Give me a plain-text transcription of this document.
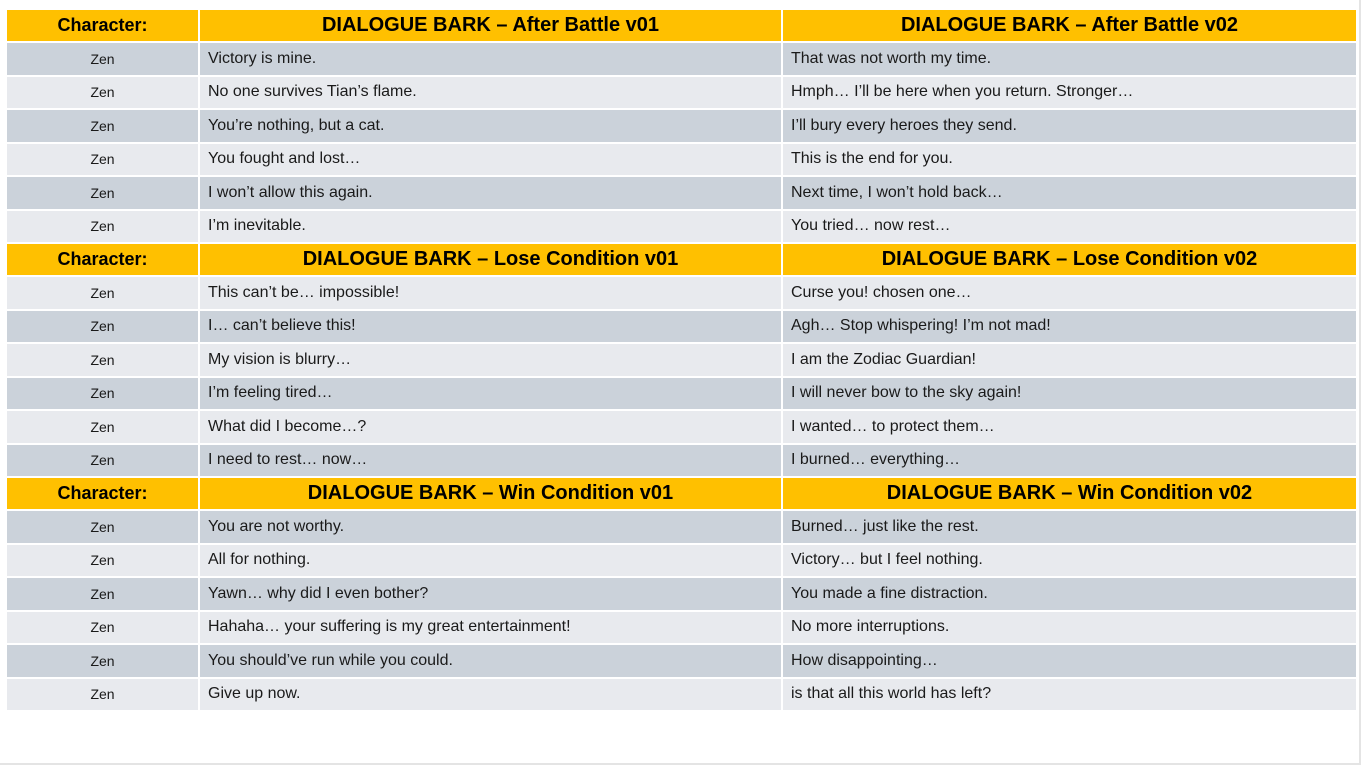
Character:	DIALOGUE BARK – After Battle v01	DIALOGUE BARK – After Battle v02
Zen	Victory is mine.	That was not worth my time.
Zen	No one survives Tian’s flame.	Hmph… I’ll be here when you return. Stronger…
Zen	You’re nothing, but a cat.	I’ll bury every heroes they send.
Zen	You fought and lost…	This is the end for you.
Zen	I won’t allow this again.	Next time, I won’t hold back…
Zen	I’m inevitable.	You tried… now rest…
Character:	DIALOGUE BARK – Lose Condition v01	DIALOGUE BARK – Lose Condition v02
Zen	This can’t be… impossible!	Curse you! chosen one…
Zen	I… can’t believe this!	Agh… Stop whispering! I’m not mad!
Zen	My vision is blurry…	I am the Zodiac Guardian!
Zen	I’m feeling tired…	I will never bow to the sky again!
Zen	What did I become…?	I wanted… to protect them…
Zen	I need to rest… now…	I burned… everything…
Character:	DIALOGUE BARK – Win Condition v01	DIALOGUE BARK – Win Condition v02
Zen	You are not worthy.	Burned… just like the rest.
Zen	All for nothing.	Victory… but I feel nothing.
Zen	Yawn… why did I even bother?	You made a fine distraction.
Zen	Hahaha… your suffering is my great entertainment!	No more interruptions.
Zen	You should’ve run while you could.	How disappointing…
Zen	Give up now.	is that all this world has left?
